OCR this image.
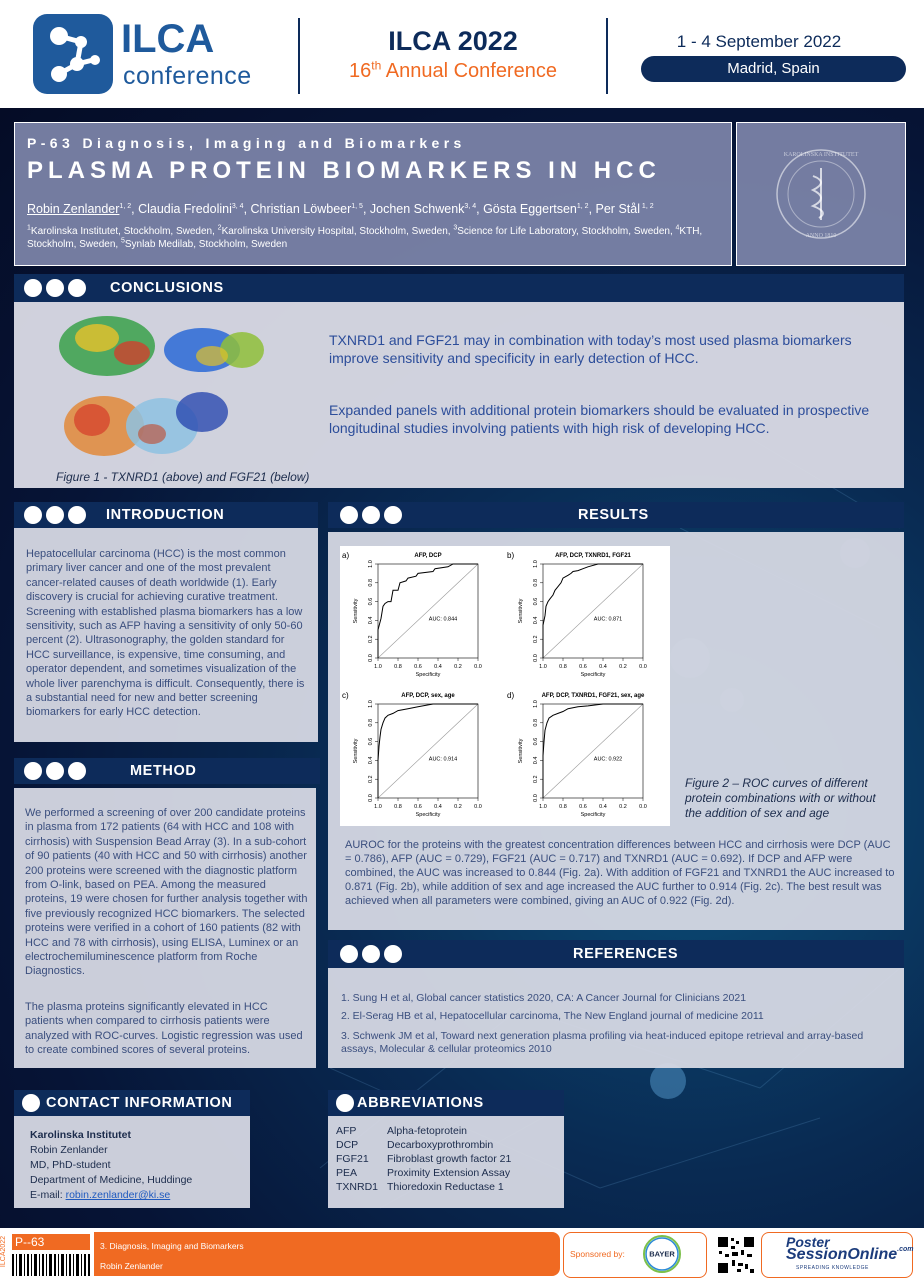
ILCA
conference
ILCA 2022
16th Annual Conference
1 - 4 September 2022
Madrid, Spain
P-63 Diagnosis, Imaging and Biomarkers
PLASMA PROTEIN BIOMARKERS IN HCC
Robin Zenlander$^{1, 2}$, Claudia Fredolini$^{3, 4}$, Christian Löwbeer$^{1, 5}$, Jochen Schwenk$^{3, 4}$, Gösta Eggertsen$^{1, 2}$, Per Stål $^{1, 2}$
$^1$Karolinska Institutet, Stockholm, Sweden, $^2$Karolinska University Hospital, Stockholm, Sweden, $^3$Science for Life Laboratory, Stockholm, Sweden, $^4$KTH, Stockholm, Sweden, $^5$Synlab Medilab, Stockholm, Sweden
KAROLINSKA INSTITUTET
ANNO 1810
CONCLUSIONS
Figure 1 - TXNRD1 (above) and FGF21 (below)
TXNRD1 and FGF21 may in combination with today’s most used plasma biomarkers improve sensitivity and specificity in early detection of HCC.
Expanded panels with additional protein biomarkers should be evaluated in prospective longitudinal studies involving patients with high risk of developing HCC.
INTRODUCTION
Hepatocellular carcinoma (HCC) is the most common primary liver cancer and one of the most prevalent cancer-related causes of death worldwide (1). Early discovery is crucial for achieving curative treatment. Screening with established plasma biomarkers has a low sensitivity, such as AFP having a sensitivity of only 50-60 percent (2). Ultrasonography, the golden standard for HCC surveillance, is expensive, time consuming, and operator dependent, and sometimes visualization of the whole liver parenchyma is difficult. Consequently, there is a substantial need for new and better screening biomarkers for early HCC detection.
METHOD
We performed a screening of over 200 candidate proteins in plasma from 172 patients (64 with HCC and 108 with cirrhosis) with Suspension Bead Array (3). In a sub-cohort of 90 patients (40 with HCC and 50 with cirrhosis) another 200 proteins were screened with the diagnostic platform from O-link, based on PEA. Among the measured proteins, 19 were chosen for further analysis together with five previously recognized HCC biomarkers. The selected proteins were verified in a cohort of 160 patients (82 with HCC and 78 with cirrhosis), using ELISA, Luminex or an electrochemiluminescence platform from Roche Diagnostics.
The plasma proteins significantly elevated in HCC patients when compared to cirrhosis patients were analyzed with ROC-curves. Logistic regression was used to create combined scores of several proteins.
RESULTS
a)	AFP, DCP
1.0 0.8 0.6 0.4 0.2 0.0
0.0
0.2
0.4
0.6
0.8
1.0
Specificity
Sensitivity	AUC: 0.844
b)	AFP, DCP, TXNRD1, FGF21
1.0 0.8 0.6 0.4 0.2 0.0
0.0
0.2
0.4
0.6
0.8
1.0
Specificity
Sensitivity	AUC: 0.871
c)	AFP, DCP, sex, age
1.0 0.8 0.6 0.4 0.2 0.0
0.0
0.2
0.4
0.6
0.8
1.0
Specificity
Sensitivity	AUC: 0.914
d)	AFP, DCP, TXNRD1, FGF21, sex, age
1.0 0.8 0.6 0.4 0.2 0.0
0.0
0.2
0.4
0.6
0.8
1.0
Specificity
Sensitivity	AUC: 0.922
Figure 2 – ROC curves of different protein combinations with or without the addition of sex and age
AUROC for the proteins with the greatest concentration differences between HCC and cirrhosis were DCP (AUC = 0.786), AFP (AUC = 0.729), FGF21 (AUC = 0.717) and TXNRD1 (AUC = 0.692). If DCP and AFP were combined, the AUC was increased to 0.844 (Fig. 2a). With addition of FGF21 and TXNRD1 the AUC increased to 0.871 (Fig. 2b), while addition of sex and age increased the AUC further to 0.914 (Fig. 2c). The best result was achieved when all parameters were combined, giving an AUC of 0.922 (Fig. 2d).
REFERENCES
1. Sung H et al, Global cancer statistics 2020, CA: A Cancer Journal for Clinicians 2021
2. El-Serag HB et al, Hepatocellular carcinoma, The New England journal of medicine 2011
3. Schwenk JM et al, Toward next generation plasma profiling via heat-induced epitope retrieval and array-based assays, Molecular & cellular proteomics 2010
CONTACT INFORMATION
Karolinska Institutet
Robin Zenlander
MD, PhD-student
Department of Medicine, Huddinge
E-mail: robin.zenlander@ki.se
ABBREVIATIONS
AFP	Alpha-fetoprotein
DCP	Decarboxyprothrombin
FGF21	Fibroblast growth factor 21
PEA	Proximity Extension Assay
TXNRD1	Thioredoxin Reductase 1
ILCA2022 P--63	3. Diagnosis, Imaging and Biomarkers
Robin Zenlander
Sponsored by:	BAYER
Poster
SessionOnline$^{.com}$
SPREADING KNOWLEDGE
